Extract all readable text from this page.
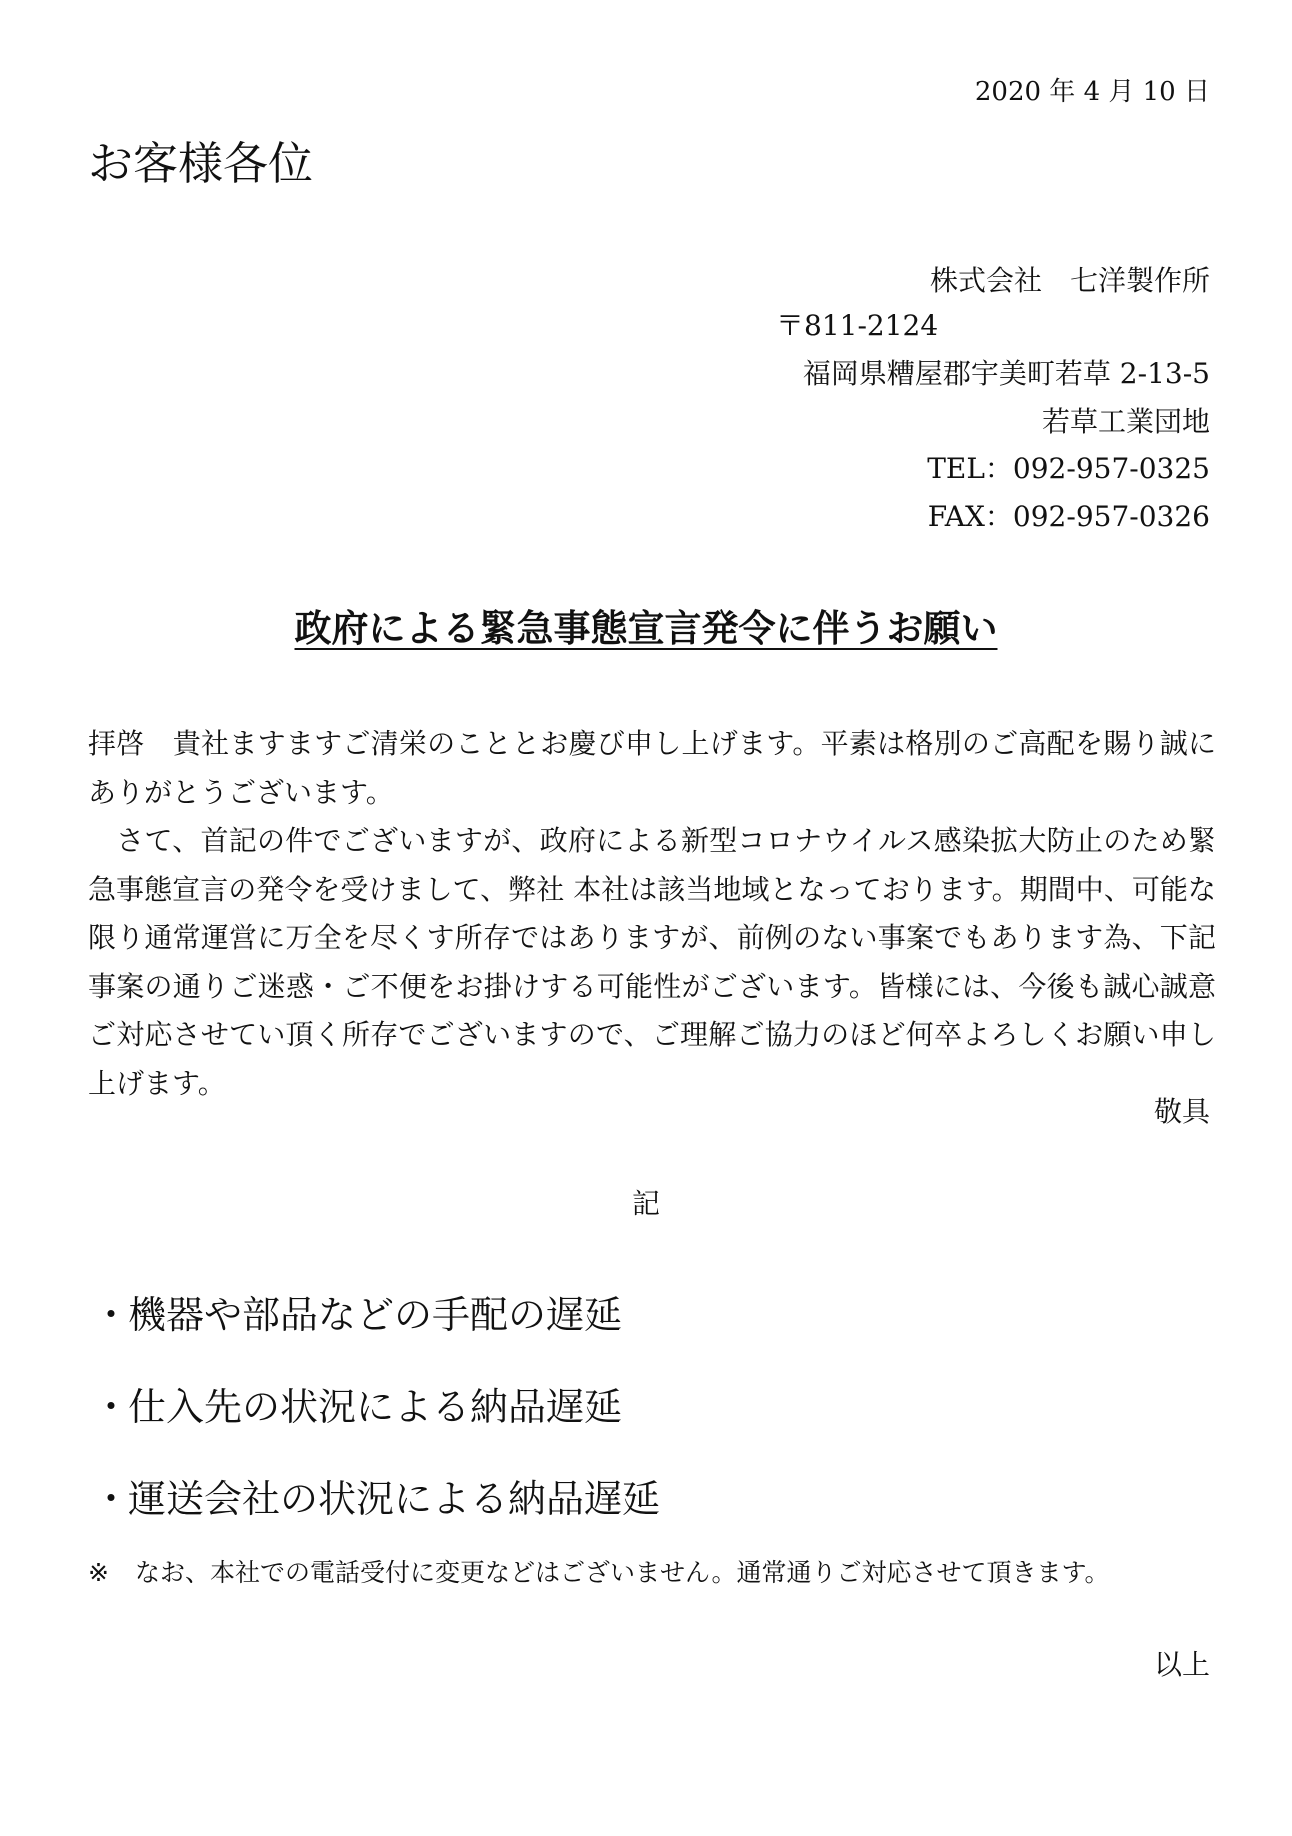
2020 年 4 月 10 日
お客様各位
株式会社　七洋製作所
〒811-2124
福岡県糟屋郡宇美町若草 2-13-5
若草工業団地
TEL：092-957-0325
FAX：092-957-0326
政府による緊急事態宣言発令に伴うお願い

拝啓　貴社ますますご清栄のこととお慶び申し上げます。平素は格別のご高配を賜り誠にありがとうございます。

　さて、首記の件でございますが、政府による新型コロナウイルス感染拡大防止のため緊急事態宣言の発令を受けまして、弊社 本社は該当地域となっております。期間中、可能な限り通常運営に万全を尽くす所存ではありますが、前例のない事案でもあります為、下記事案の通りご迷惑・ご不便をお掛けする可能性がございます。皆様には、今後も誠心誠意ご対応させてい頂く所存でございますので、ご理解ご協力のほど何卒よろしくお願い申し上げます。

敬具
記
・機器や部品などの手配の遅延
・仕入先の状況による納品遅延
・運送会社の状況による納品遅延
※ なお、本社での電話受付に変更などはございません。通常通りご対応させて頂きます。
以上
